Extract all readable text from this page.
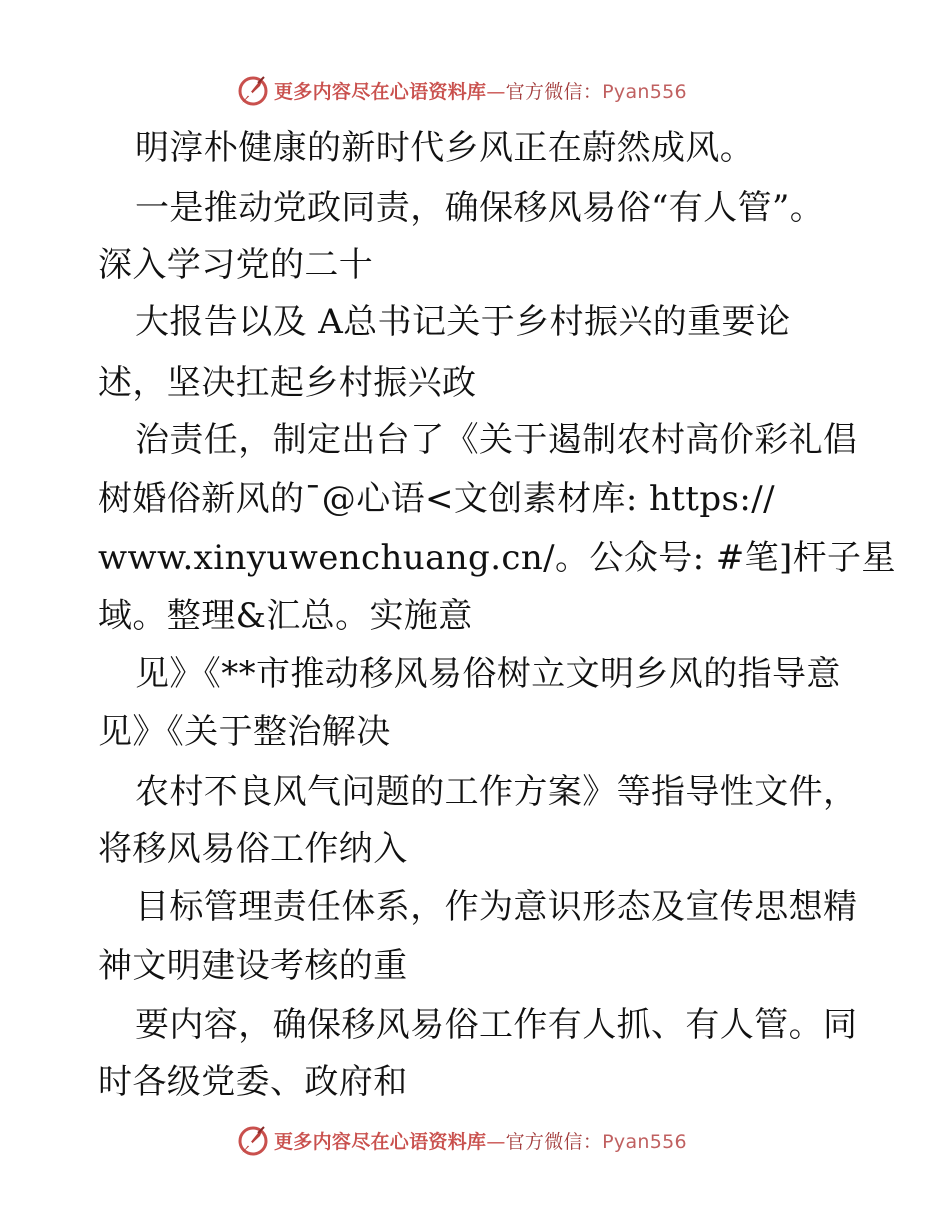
更多内容尽在心语资料库—官方微信：Pyan556
明淳朴健康的新时代乡风正在蔚然成风。
一是推动党政同责，确保移风易俗“有人管”。
深入学习党的二十
大报告以及 A总书记关于乡村振兴的重要论
述，坚决扛起乡村振兴政
治责任，制定出台了《关于遏制农村高价彩礼倡
树婚俗新风的¯@心语<文创素材库: https://
www.xinyuwenchuang.cn/。公众号: #笔]杆子星
域。整理&汇总。实施意
见》《**市推动移风易俗树立文明乡风的指导意
见》《关于整治解决
农村不良风气问题的工作方案》等指导性文件，
将移风易俗工作纳入
目标管理责任体系，作为意识形态及宣传思想精
神文明建设考核的重
要内容，确保移风易俗工作有人抓、有人管。同
时各级党委、政府和
更多内容尽在心语资料库—官方微信：Pyan556
